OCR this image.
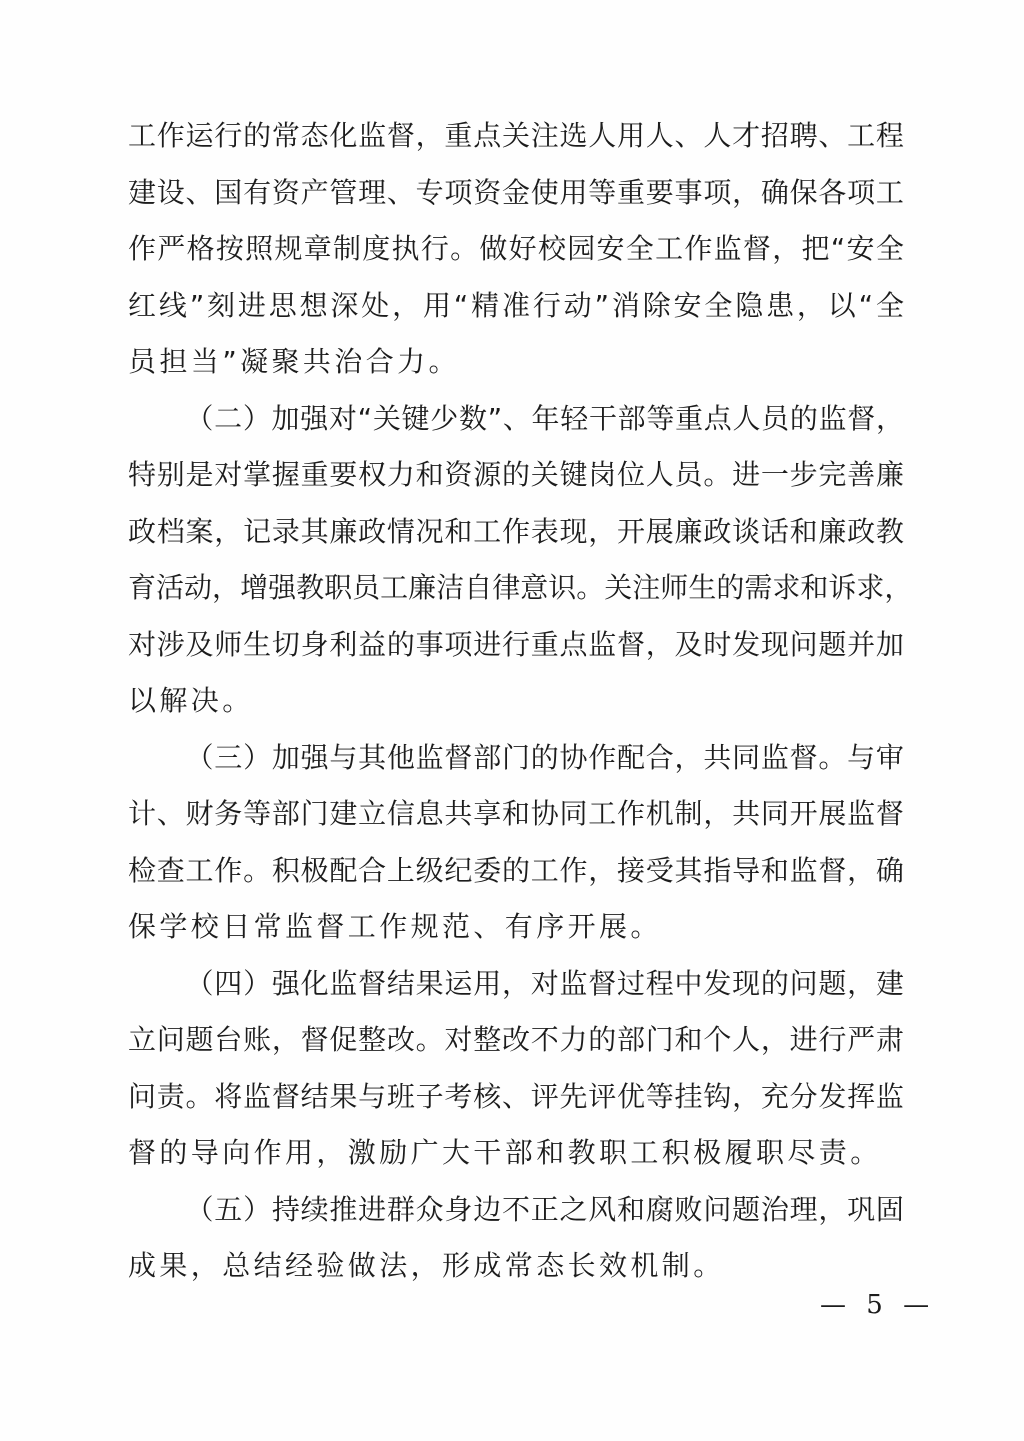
工 作 运 行 的 常 态 化 监 督 ， 重 点 关 注 选 人 用 人 、 人 才 招 聘 、 工 程
建 设 、 国 有 资 产 管 理 、 专 项 资 金 使 用 等 重 要 事 项 ， 确 保 各 项 工
作 严 格 按 照 规 章 制 度 执 行 。 做 好 校 园 安 全 工 作 监 督 ， 把 “ 安 全
红 线 ” 刻 进 思 想 深 处 ， 用 “ 精 准 行 动 ” 消 除 安 全 隐 患 ， 以 “ 全
员担当”凝聚共治合力。

（ 二 ） 加 强 对 “ 关 键 少 数 ” 、 年 轻 干 部 等 重 点 人 员 的 监 督 ，
特 别 是 对 掌 握 重 要 权 力 和 资 源 的 关 键 岗 位 人 员 。 进 一 步 完 善 廉
政 档 案 ， 记 录 其 廉 政 情 况 和 工 作 表 现 ， 开 展 廉 政 谈 话 和 廉 政 教
育 活 动 ， 增 强 教 职 员 工 廉 洁 自 律 意 识 。 关 注 师 生 的 需 求 和 诉 求 ，
对 涉 及 师 生 切 身 利 益 的 事 项 进 行 重 点 监 督 ， 及 时 发 现 问 题 并 加
以解决。

（ 三 ） 加 强 与 其 他 监 督 部 门 的 协 作 配 合 ， 共 同 监 督 。 与 审
计 、 财 务 等 部 门 建 立 信 息 共 享 和 协 同 工 作 机 制 ， 共 同 开 展 监 督
检 查 工 作 。 积 极 配 合 上 级 纪 委 的 工 作 ， 接 受 其 指 导 和 监 督 ， 确
保学校日常监督工作规范、有序开展。

（ 四 ） 强 化 监 督 结 果 运 用 ， 对 监 督 过 程 中 发 现 的 问 题 ， 建
立 问 题 台 账 ， 督 促 整 改 。 对 整 改 不 力 的 部 门 和 个 人 ， 进 行 严 肃
问 责 。 将 监 督 结 果 与 班 子 考 核 、 评 先 评 优 等 挂 钩 ， 充 分 发 挥 监
督的导向作用，激励广大干部和教职工积极履职尽责。

（ 五 ） 持 续 推 进 群 众 身 边 不 正 之 风 和 腐 败 问 题 治 理 ， 巩 固
成果，总结经验做法，形成常态长效机制。
— 5 —
